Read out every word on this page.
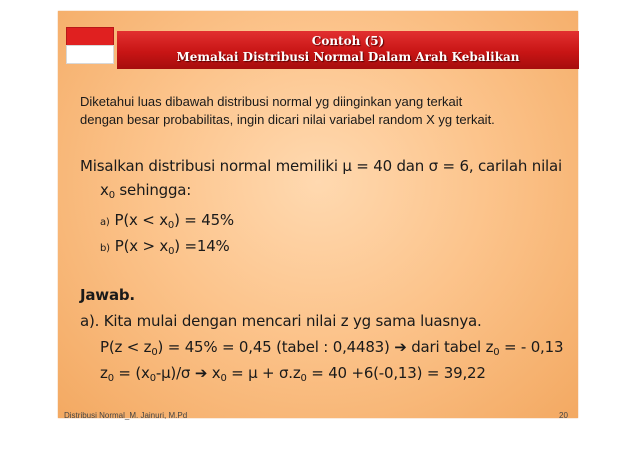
Contoh (5)
Memakai Distribusi Normal Dalam Arah Kebalikan
Diketahui luas dibawah distribusi normal yg diinginkan yang terkait
dengan besar probabilitas, ingin dicari nilai variabel random X yg terkait.
Misalkan distribusi normal memiliki μ = 40 dan σ = 6, carilah nilai
$x_0$ sehingga:
a) $P(x < x_0) = 45\%$
b) $P(x > x_0) =14\%$
Jawab.
a). Kita mulai dengan mencari nilai z yg sama luasnya.
$P(z < z_0) = 45\% = 0,45$ (tabel : 0,4483) ➔ dari tabel $z_0$ = - 0,13
$z_0 = (x_0-\mu)/\sigma$ ➔ $x_0 = \mu + \sigma.z_0 = 40 +6(-0,13) = 39,22$
Distribusi Normal_M. Jainuri, M.Pd	20
